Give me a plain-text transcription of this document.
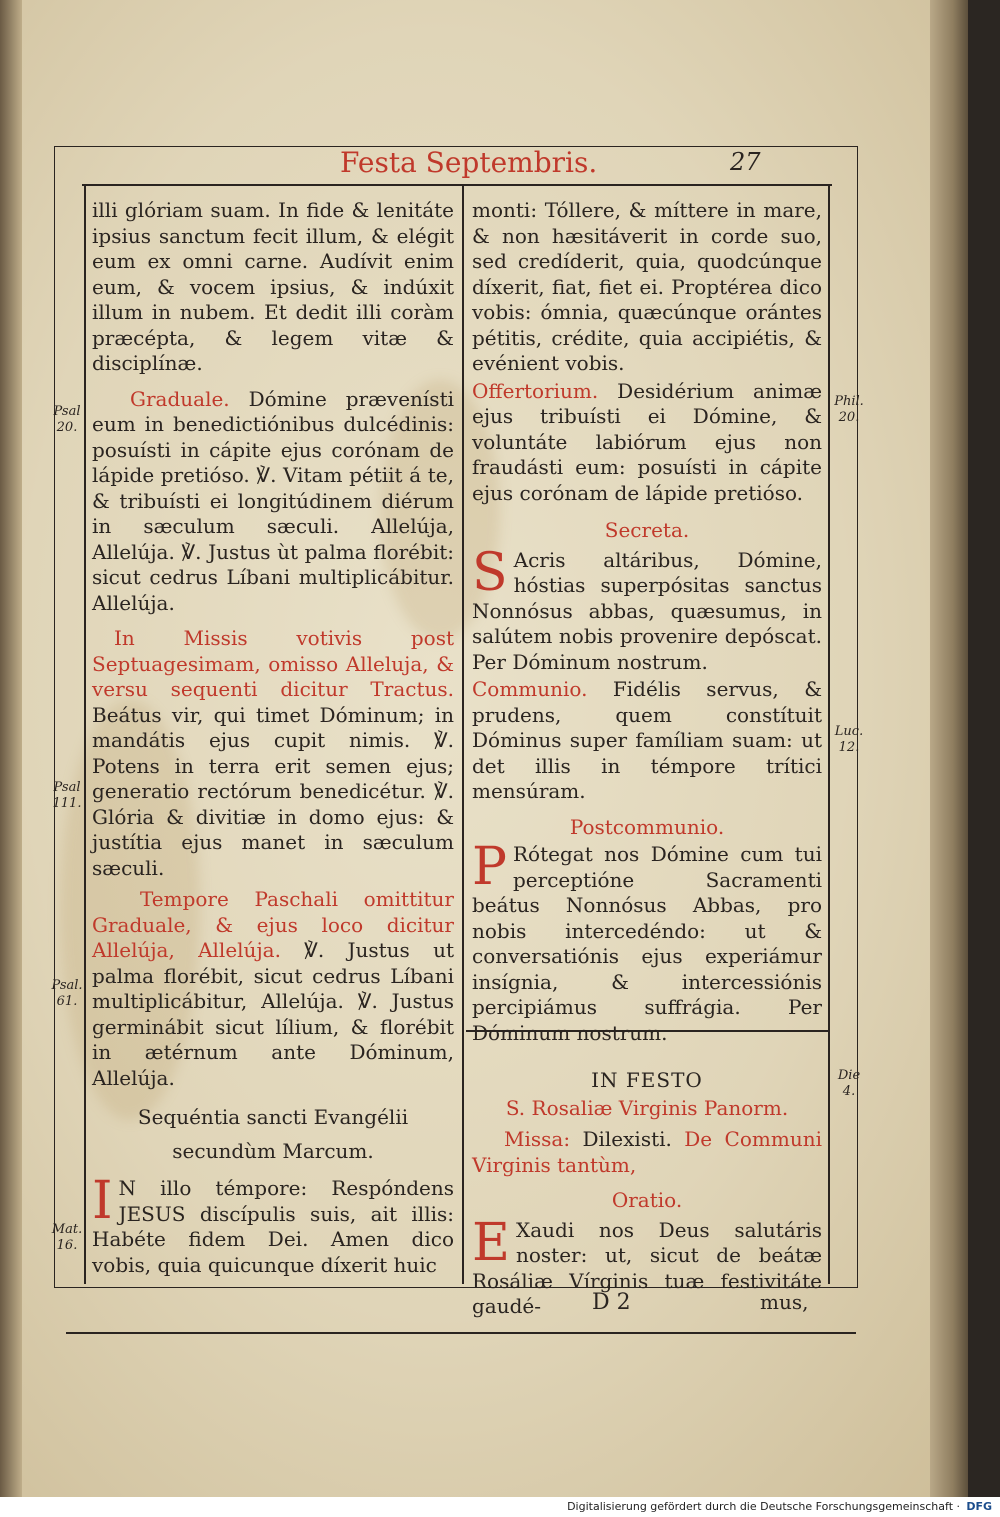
Festa Septembris.	27
Psal 20.
Psal 111.
Psal. 61.
Mat. 16.
Phil. 20.
Luc. 12.
Die 4.

illi glóriam suam. In fide & lenitáte ipsius sanctum fecit illum, & elégit eum ex omni carne. Audívit enim eum, & vocem ipsius, & indúxit illum in nubem. Et dedit illi coràm præcépta, & legem vitæ & disciplínæ.

Graduale. Dómine prævenísti eum in benedictiónibus dulcédinis: posuísti in cápite ejus corónam de lápide pretióso. ℣. Vitam pétiit á te, & tribuísti ei longitúdinem diérum in sæculum sæculi. Allelúja, Allelúja. ℣. Justus ùt palma florébit: sicut cedrus Líbani multiplicábitur. Allelúja.

In Missis votivis post Septuagesimam, omisso Alleluja, & versu sequenti dicitur Tractus. Beátus vir, qui timet Dóminum; in mandátis ejus cupit nimis. ℣. Potens in terra erit semen ejus; generatio rectórum benedicétur. ℣. Glória & divitiæ in domo ejus: & justítia ejus manet in sæculum sæculi.

Tempore Paschali omittitur Graduale, & ejus loco dicitur Allelúja, Allelúja. ℣. Justus ut palma florébit, sicut cedrus Líbani multiplicábitur, Allelúja. ℣. Justus germinábit sicut lílium, & florébit in ætérnum ante Dóminum, Allelúja.

Sequéntia sancti Evangélii

secundùm Marcum.

I N illo témpore: Respóndens JESUS discípulis suis, ait illis: Habéte fidem Dei. Amen dico vobis, quia quicunque díxerit huic

monti: Tóllere, & míttere in mare, & non hæsitáverit in corde suo, sed credíderit, quia, quodcúnque díxerit, fiat, fiet ei. Proptérea dico vobis: ómnia, quæcúnque orántes pétitis, crédite, quia accipiétis, & evénient vobis.

Offertorium. Desidérium animæ ejus tribuísti ei Dómine, & voluntáte labiórum ejus non fraudásti eum: posuísti in cápite ejus corónam de lápide pretióso.

Secreta.

S Acris altáribus, Dómine, hóstias superpósitas sanctus Nonnósus abbas, quæsumus, in salútem nobis provenire depóscat. Per Dóminum nostrum.

Communio. Fidélis servus, & prudens, quem constítuit Dóminus super famíliam suam: ut det illis in témpore trítici mensúram.

Postcommunio.

P Rótegat nos Dómine cum tui perceptióne Sacramenti beátus Nonnósus Abbas, pro nobis intercedéndo: ut & conversatiónis ejus experiámur insígnia, & intercessiónis percipiámus suffrágia. Per Dóminum nostrum.

IN FESTO

S. Rosaliæ Virginis Panorm.

Missa: Dilexisti. De Communi Virginis tantùm,

Oratio.

E Xaudi nos Deus salutáris noster: ut, sicut de beátæ Rosáliæ Vírginis tuæ festivitáte gaudé-	D 2	mus,
Digitalisierung gefördert durch die Deutsche Forschungsgemeinschaft · DFG
